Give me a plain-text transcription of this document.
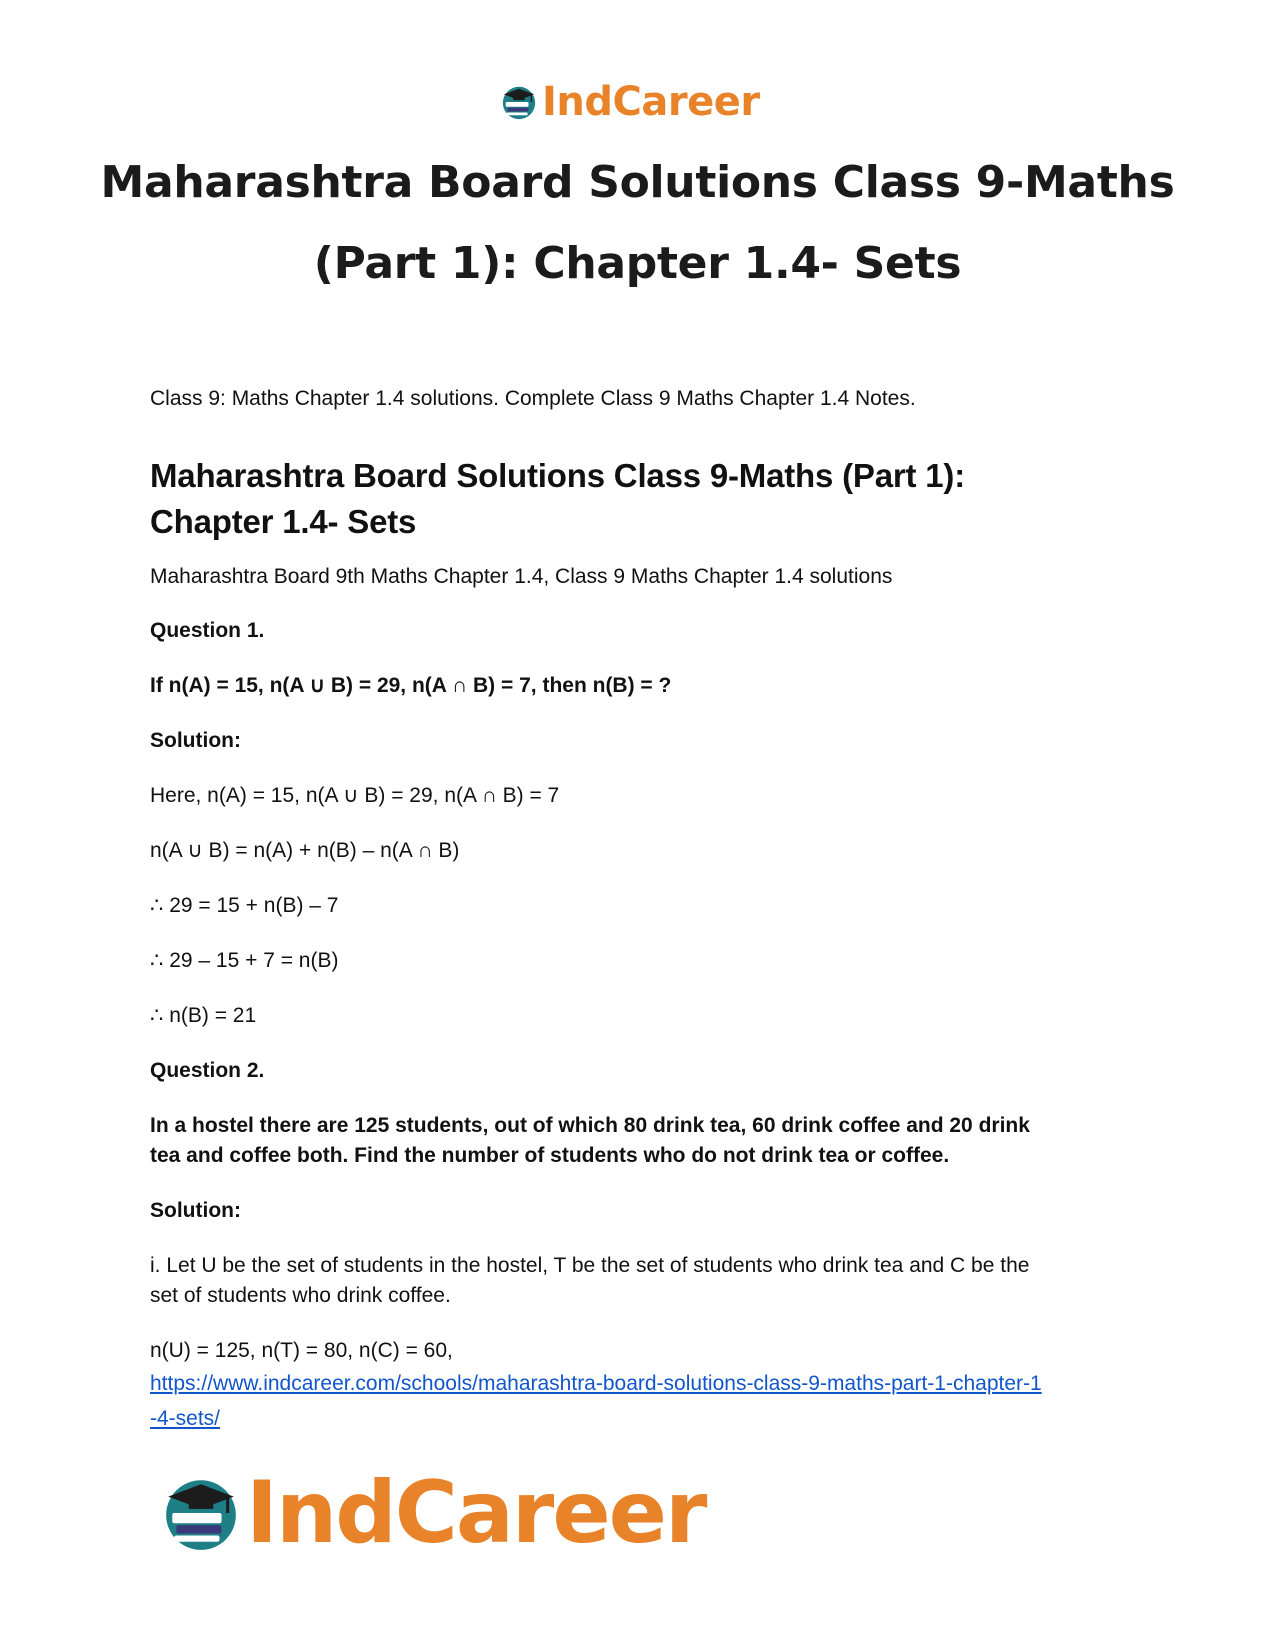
IndCareer
Maharashtra Board Solutions Class 9-Maths
(Part 1): Chapter 1.4- Sets

Class 9: Maths Chapter 1.4 solutions. Complete Class 9 Maths Chapter 1.4 Notes.

Maharashtra Board Solutions Class 9-Maths (Part 1):
Chapter 1.4- Sets

Maharashtra Board 9th Maths Chapter 1.4, Class 9 Maths Chapter 1.4 solutions

Question 1.

If n(A) = 15, n(A ∪ B) = 29, n(A ∩ B) = 7, then n(B) = ?

Solution:

Here, n(A) = 15, n(A ∪ B) = 29, n(A ∩ B) = 7

n(A ∪ B) = n(A) + n(B) – n(A ∩ B)

∴ 29 = 15 + n(B) – 7

∴ 29 – 15 + 7 = n(B)

∴ n(B) = 21

Question 2.

In a hostel there are 125 students, out of which 80 drink tea, 60 drink coffee and 20 drink
tea and coffee both. Find the number of students who do not drink tea or coffee.

Solution:

i. Let U be the set of students in the hostel, T be the set of students who drink tea and C be the
set of students who drink coffee.

n(U) = 125, n(T) = 80, n(C) = 60,

https://www.indcareer.com/schools/maharashtra-board-solutions-class-9-maths-part-1-chapter-1
-4-sets/
IndCareer
